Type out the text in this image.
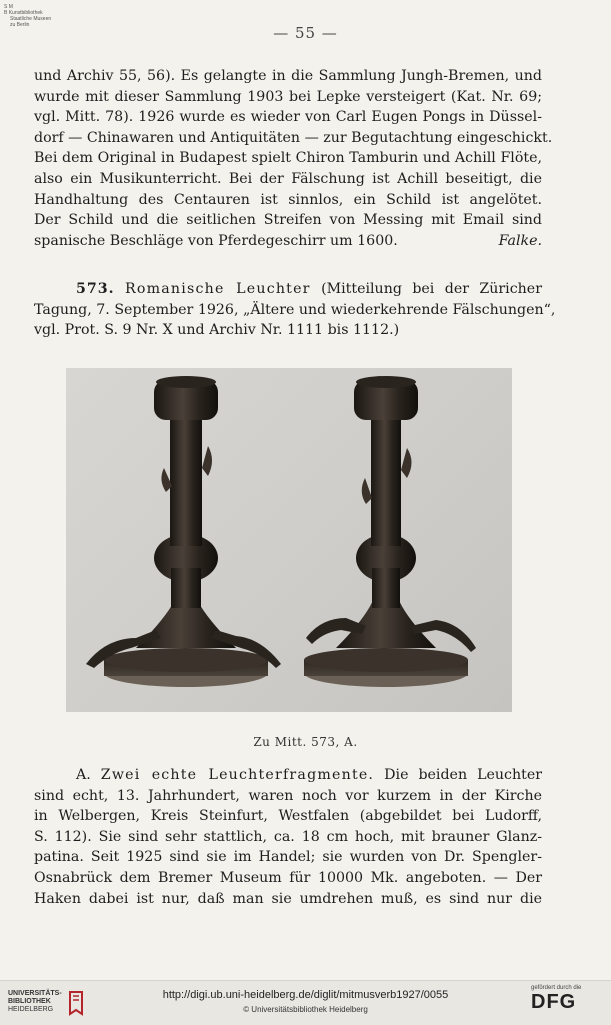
S M
B Kunstbibliothek
Staatliche Museen
zu Berlin	— 55 —
und Archiv 55, 56). Es gelangte in die Sammlung Jungh-Bremen, und
wurde mit dieser Sammlung 1903 bei Lepke versteigert (Kat. Nr. 69;
vgl. Mitt. 78). 1926 wurde es wieder von Carl Eugen Pongs in Düssel-
dorf — Chinawaren und Antiquitäten — zur Begutachtung eingeschickt.
Bei dem Original in Budapest spielt Chiron Tamburin und Achill Flöte,
also ein Musikunterricht. Bei der Fälschung ist Achill beseitigt, die
Handhaltung des Centauren ist sinnlos, ein Schild ist angelötet.
Der Schild und die seitlichen Streifen von Messing mit Email sind
spanische Beschläge von Pferdegeschirr um 1600.	Falke.
573. Romanische Leuchter (Mitteilung bei der Züricher
Tagung, 7. September 1926, „Ältere und wiederkehrende Fälschungen“,
vgl. Prot. S. 9 Nr. X und Archiv Nr. 1111 bis 1112.)
Zu Mitt. 573, A.
A. Zwei echte Leuchterfragmente. Die beiden Leuchter
sind echt, 13. Jahrhundert, waren noch vor kurzem in der Kirche
in Welbergen, Kreis Steinfurt, Westfalen (abgebildet bei Ludorff,
S. 112). Sie sind sehr stattlich, ca. 18 cm hoch, mit brauner Glanz-
patina. Seit 1925 sind sie im Handel; sie wurden von Dr. Spengler-
Osnabrück dem Bremer Museum für 10000 Mk. angeboten. — Der
Haken dabei ist nur, daß man sie umdrehen muß, es sind nur die
UNIVERSITÄTS-
BIBLIOTHEK
HEIDELBERG
http://digi.ub.uni-heidelberg.de/diglit/mitmusverb1927/0055
© Universitätsbibliothek Heidelberg
gefördert durch die
DFG
